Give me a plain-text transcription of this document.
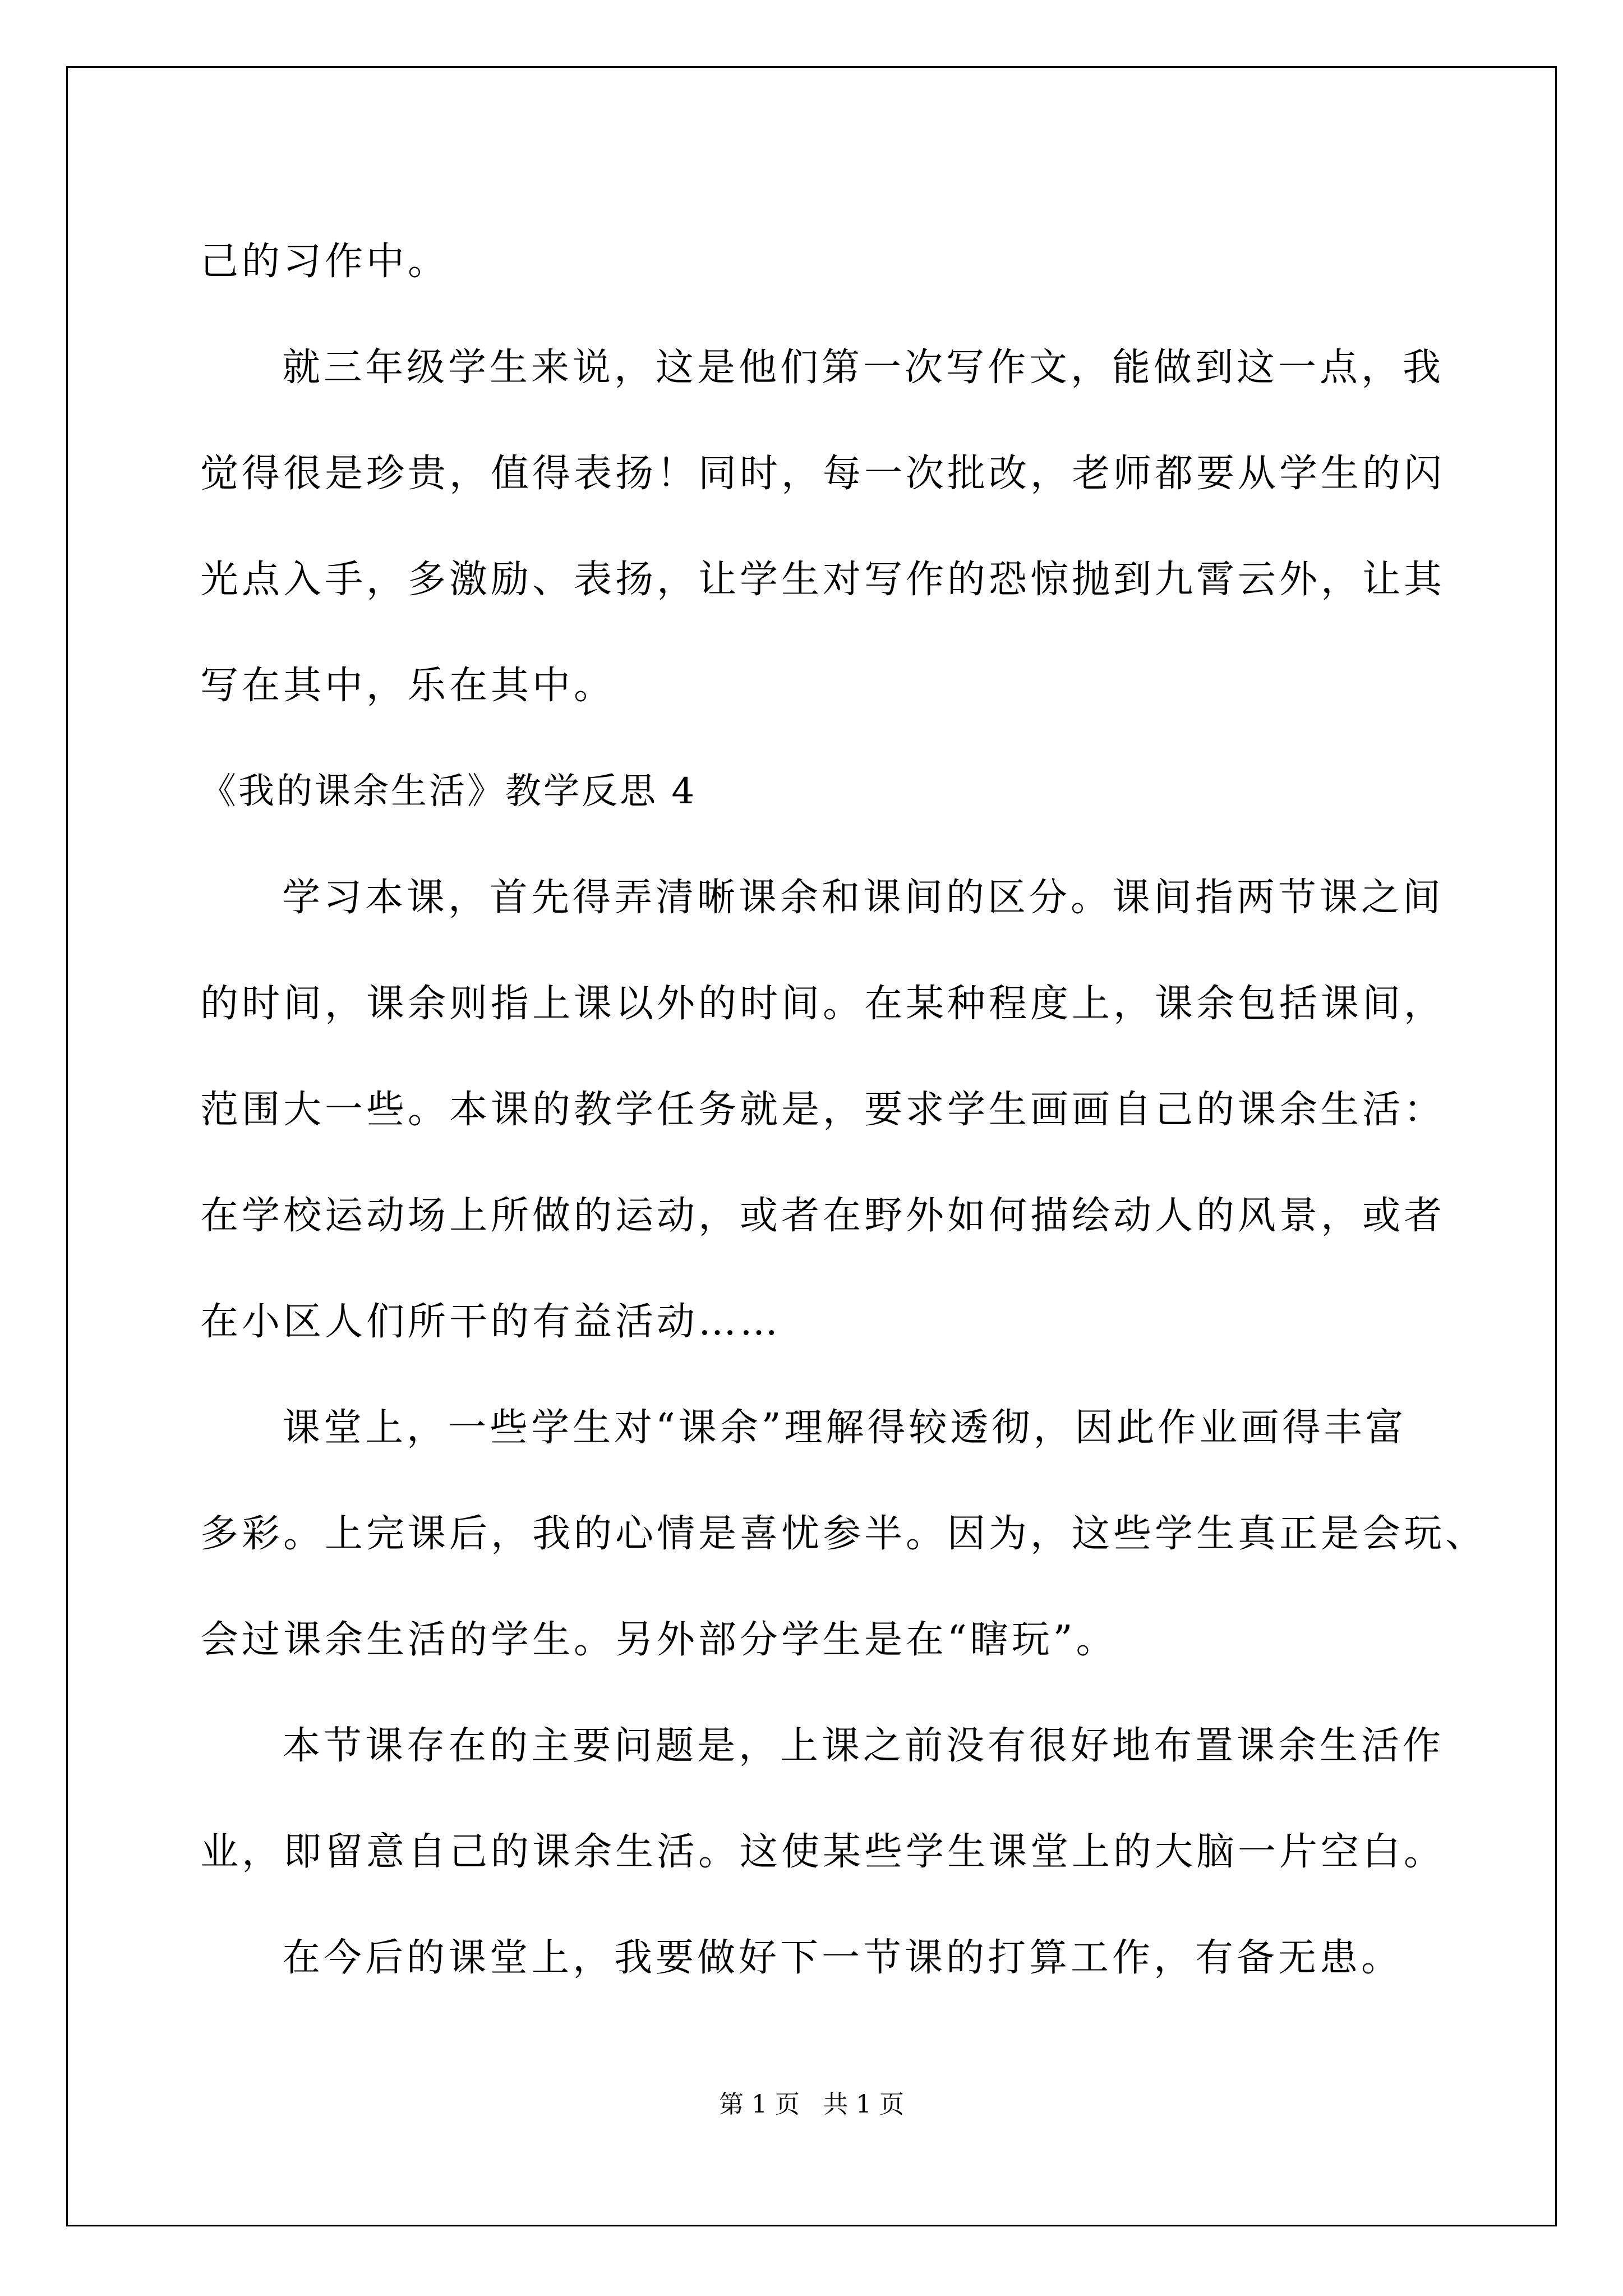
己的习作中。

就三年级学生来说，这是他们第一次写作文，能做到这一点，我

觉得很是珍贵，值得表扬！同时，每一次批改，老师都要从学生的闪

光点入手，多激励、表扬，让学生对写作的恐惊抛到九霄云外，让其

写在其中，乐在其中。

《我的课余生活》教学反思 4

学习本课，首先得弄清晰课余和课间的区分。课间指两节课之间

的时间，课余则指上课以外的时间。在某种程度上，课余包括课间，

范围大一些。本课的教学任务就是，要求学生画画自己的课余生活：

在学校运动场上所做的运动，或者在野外如何描绘动人的风景，或者

在小区人们所干的有益活动……

课堂上，一些学生对“课余”理解得较透彻，因此作业画得丰富

多彩。上完课后，我的心情是喜忧参半。因为，这些学生真正是会玩、

会过课余生活的学生。另外部分学生是在“瞎玩”。

本节课存在的主要问题是，上课之前没有很好地布置课余生活作

业，即留意自己的课余生活。这使某些学生课堂上的大脑一片空白。

在今后的课堂上，我要做好下一节课的打算工作，有备无患。

第 1 页   共 1 页
